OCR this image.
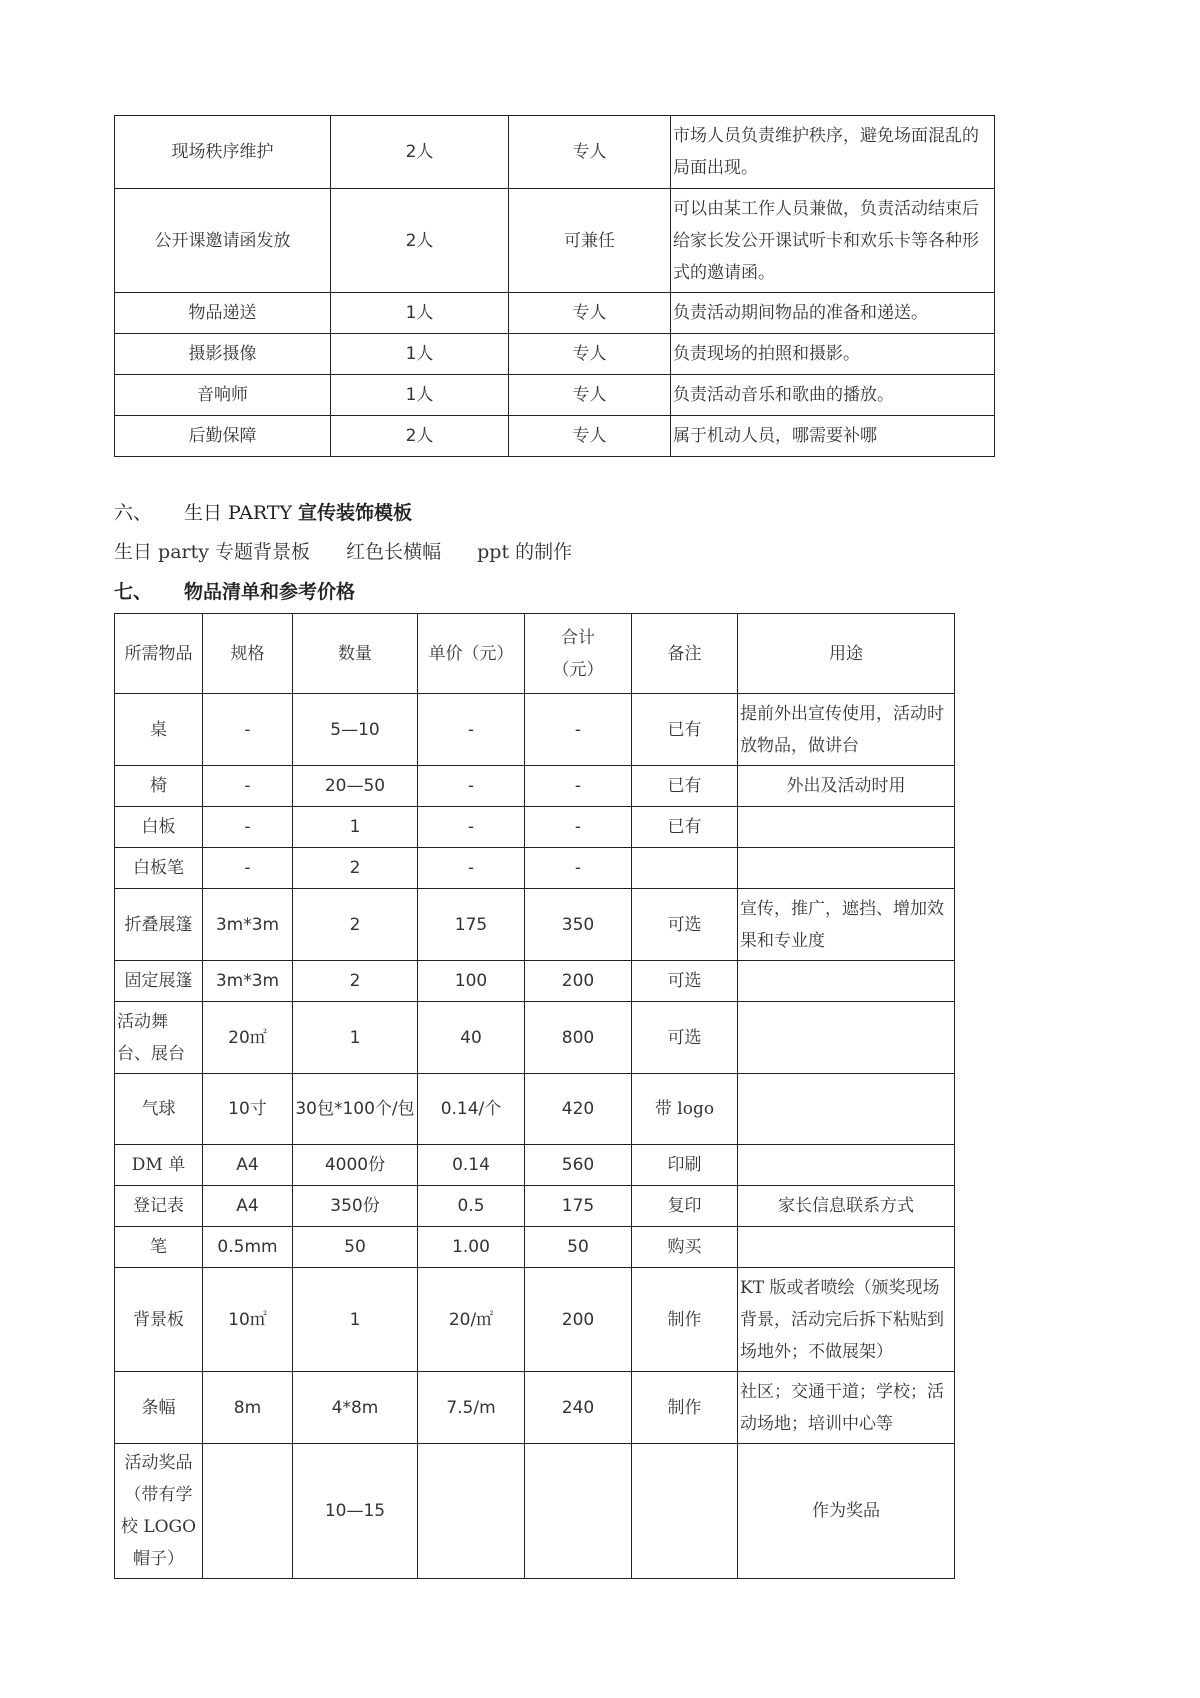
现场秩序维护	2人	专人	市场人员负责维护秩序，避免场面混乱的局面出现。
公开课邀请函发放	2人	可兼任	可以由某工作人员兼做，负责活动结束后给家长发公开课试听卡和欢乐卡等各种形式的邀请函。
物品递送	1人	专人	负责活动期间物品的准备和递送。
摄影摄像	1人	专人	负责现场的拍照和摄影。
音响师	1人	专人	负责活动音乐和歌曲的播放。
后勤保障	2人	专人	属于机动人员，哪需要补哪
六、 生日 PARTY 宣传装饰模板
生日 party 专题背景板 红色长横幅 ppt 的制作
七、 物品清单和参考价格
所需物品	规格	数量	单价（元）	合计（元）	备注	用途
桌	-	5—10	-	-	已有	提前外出宣传使用，活动时放物品，做讲台
椅	-	20—50	-	-	已有	外出及活动时用
白板	-	1	-	-	已有	
白板笔	-	2	-	-		
折叠展篷	3m*3m	2	175	350	可选	宣传，推广，遮挡、增加效果和专业度
固定展篷	3m*3m	2	100	200	可选	
活动舞台、展台	20㎡	1	40	800	可选	
气球	10寸	30包*100个/包	0.14/个	420	带 logo	
DM 单	A4	4000份	0.14	560	印刷	
登记表	A4	350份	0.5	175	复印	家长信息联系方式
笔	0.5mm	50	1.00	50	购买	
背景板	10㎡	1	20/㎡	200	制作	KT 版或者喷绘（颁奖现场背景，活动完后拆下粘贴到场地外；不做展架）
条幅	8m	4*8m	7.5/m	240	制作	社区；交通干道；学校；活动场地；培训中心等
活动奖品（带有学校 LOGO 帽子）		10—15				作为奖品
